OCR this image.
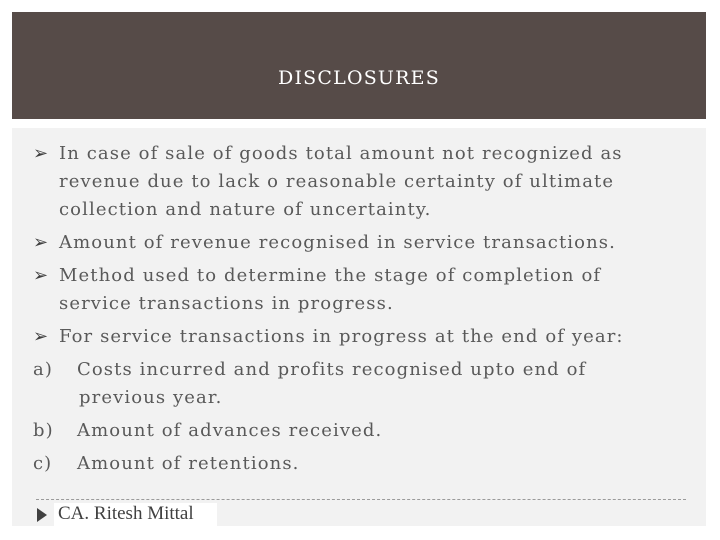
DISCLOSURES
➢ In case of sale of goods total amount not recognized as
revenue due to lack o reasonable certainty of ultimate
collection and nature of uncertainty.
➢ Amount of revenue recognised in service transactions.
➢ Method used to determine the stage of completion of
service transactions in progress.
➢ For service transactions in progress at the end of year:
a)	Costs incurred and profits recognised upto end of
previous year.
b)	Amount of advances received.
c)	Amount of retentions.
CA. Ritesh Mittal
